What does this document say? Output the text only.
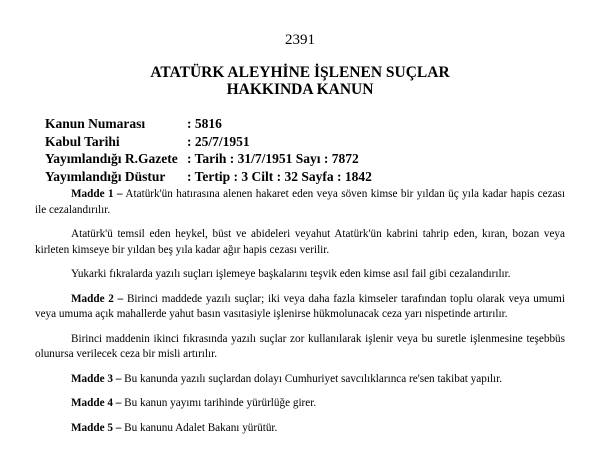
2391
ATATÜRK ALEYHİNE İŞLENEN SUÇLAR
HAKKINDA KANUN
Kanun Numarası	: 5816
Kabul Tarihi	: 25/7/1951
Yayımlandığı R.Gazete : Tarih : 31/7/1951 Sayı : 7872
Yayımlandığı Düstur	: Tertip : 3 Cilt : 32 Sayfa : 1842

Madde 1 – Atatürk'ün hatırasına alenen hakaret eden veya söven kimse bir yıldan üç yıla kadar hapis cezası ile cezalandırılır.

Atatürk'ü temsil eden heykel, büst ve abideleri veyahut Atatürk'ün kabrini tahrip eden, kıran, bozan veya kirleten kimseye bir yıldan beş yıla kadar ağır hapis cezası verilir.

Yukarki fıkralarda yazılı suçları işlemeye başkalarını teşvik eden kimse asıl fail gibi cezalandırılır.

Madde 2 – Birinci maddede yazılı suçlar; iki veya daha fazla kimseler tarafından toplu olarak veya umumi veya umuma açık mahallerde yahut basın vasıtasiyle işlenirse hükmolunacak ceza yarı nispetinde artırılır.

Birinci maddenin ikinci fıkrasında yazılı suçlar zor kullanılarak işlenir veya bu suretle işlenmesine teşebbüs olunursa verilecek ceza bir misli artırılır.

Madde 3 – Bu kanunda yazılı suçlardan dolayı Cumhuriyet savcılıklarınca re'sen takibat yapılır.

Madde 4 – Bu kanun yayımı tarihinde yürürlüğe girer.

Madde 5 – Bu kanunu Adalet Bakanı yürütür.
